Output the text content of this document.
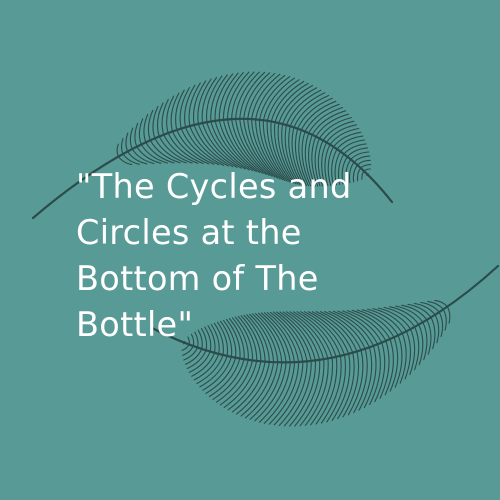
"The Cycles and
Circles at the
Bottom of The
Bottle"
